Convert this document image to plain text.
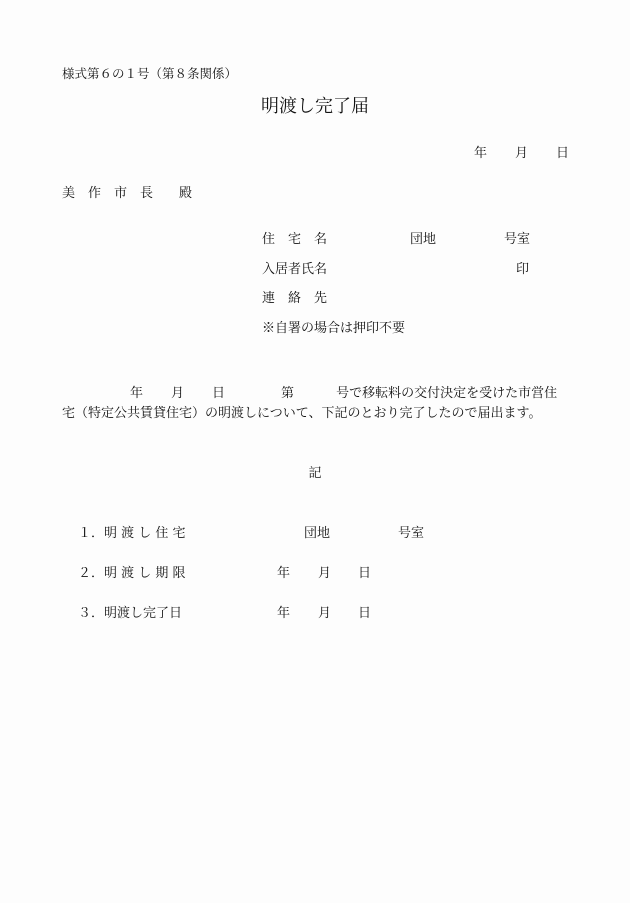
様式第６の１号（第８条関係）
明渡し完了届
年 月 日
美　作　市　長　　殿
住　宅　名	団地	号室
入居者氏名	印
連　絡　先
※自署の場合は押印不要
年 月 日	第	号で移転料の交付決定を受けた市営住
宅（特定公共賃貸住宅）の明渡しについて、下記のとおり完了したので届出ます。
記
１．明 渡 し 住 宅	団地	号室
２．明 渡 し 期 限	年 月 日
３．明渡し完了日	年 月 日
